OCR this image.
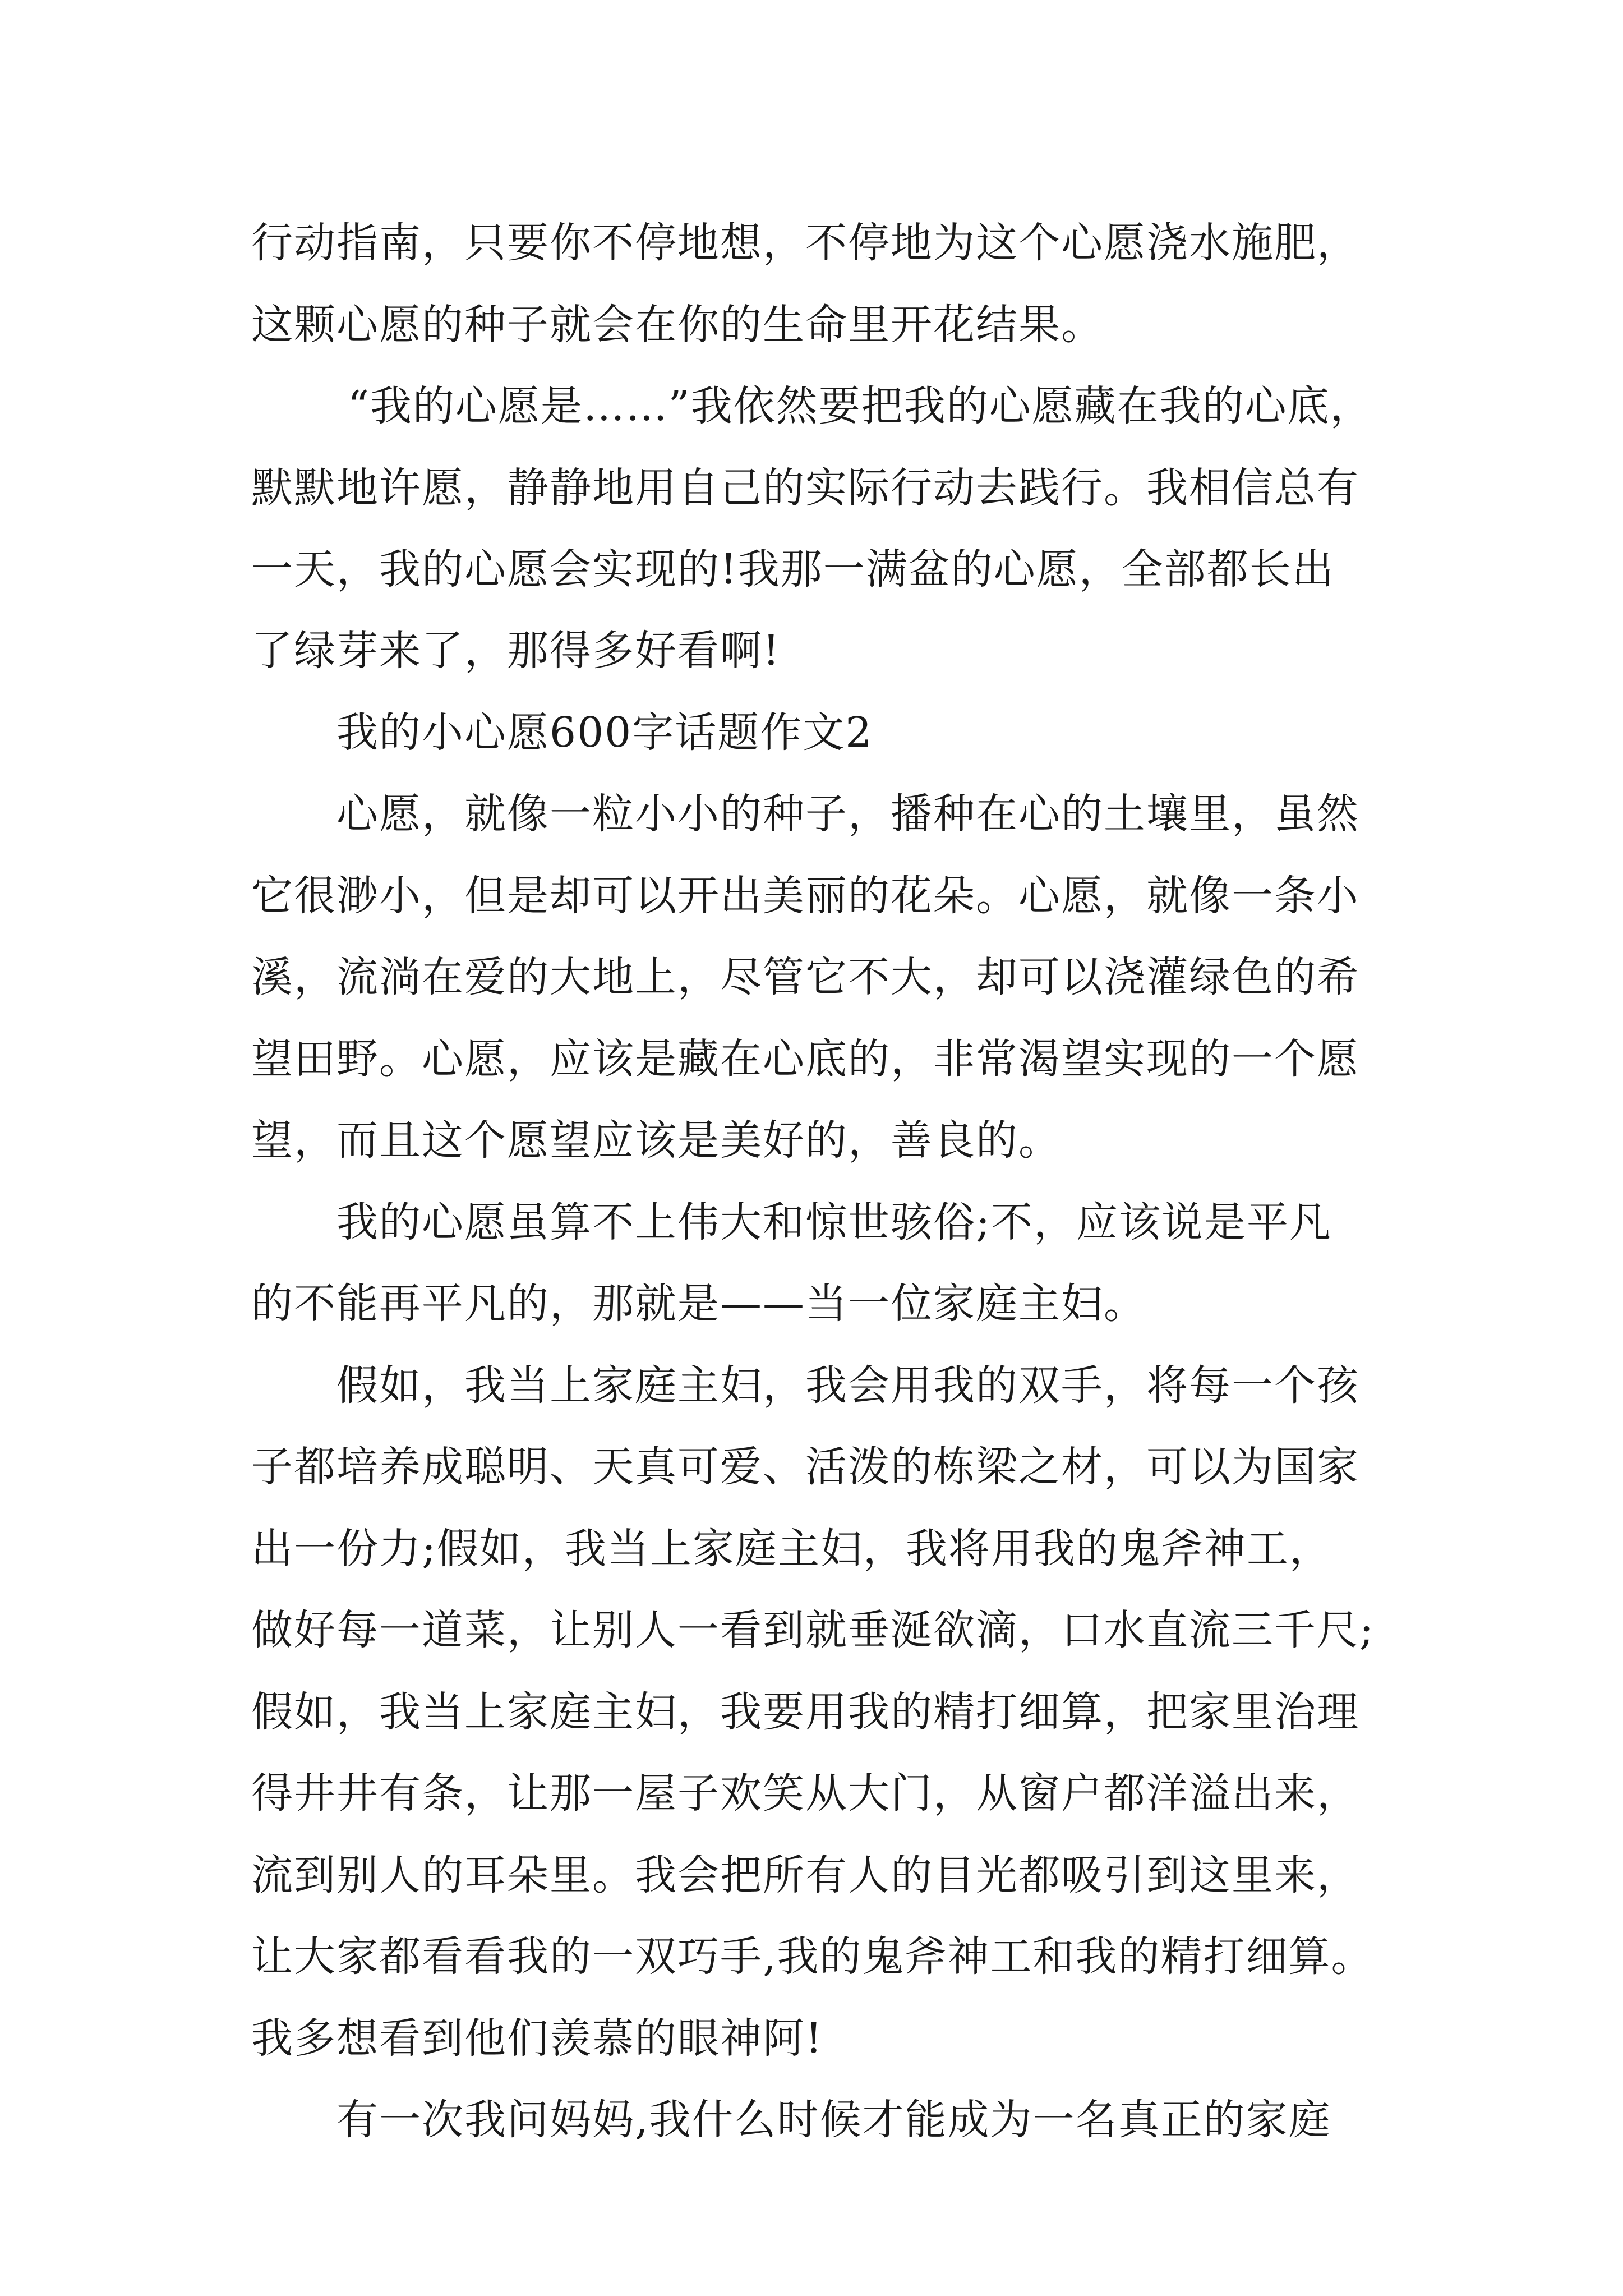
行动指南，只要你不停地想，不停地为这个心愿浇水施肥，
这颗心愿的种子就会在你的生命里开花结果。
“我的心愿是……”我依然要把我的心愿藏在我的心底，
默默地许愿，静静地用自己的实际行动去践行。我相信总有
一天，我的心愿会实现的!我那一满盆的心愿，全部都长出
了绿芽来了，那得多好看啊!
我的小心愿600字话题作文2
心愿，就像一粒小小的种子，播种在心的土壤里，虽然
它很渺小，但是却可以开出美丽的花朵。心愿，就像一条小
溪，流淌在爱的大地上，尽管它不大，却可以浇灌绿色的希
望田野。心愿，应该是藏在心底的，非常渴望实现的一个愿
望，而且这个愿望应该是美好的，善良的。
我的心愿虽算不上伟大和惊世骇俗;不，应该说是平凡
的不能再平凡的，那就是——当一位家庭主妇。
假如，我当上家庭主妇，我会用我的双手，将每一个孩
子都培养成聪明、天真可爱、活泼的栋梁之材，可以为国家
出一份力;假如，我当上家庭主妇，我将用我的鬼斧神工，
做好每一道菜，让别人一看到就垂涎欲滴，口水直流三千尺;
假如，我当上家庭主妇，我要用我的精打细算，把家里治理
得井井有条，让那一屋子欢笑从大门，从窗户都洋溢出来，
流到别人的耳朵里。我会把所有人的目光都吸引到这里来，
让大家都看看我的一双巧手,我的鬼斧神工和我的精打细算。
我多想看到他们羡慕的眼神阿!
有一次我问妈妈,我什么时候才能成为一名真正的家庭
